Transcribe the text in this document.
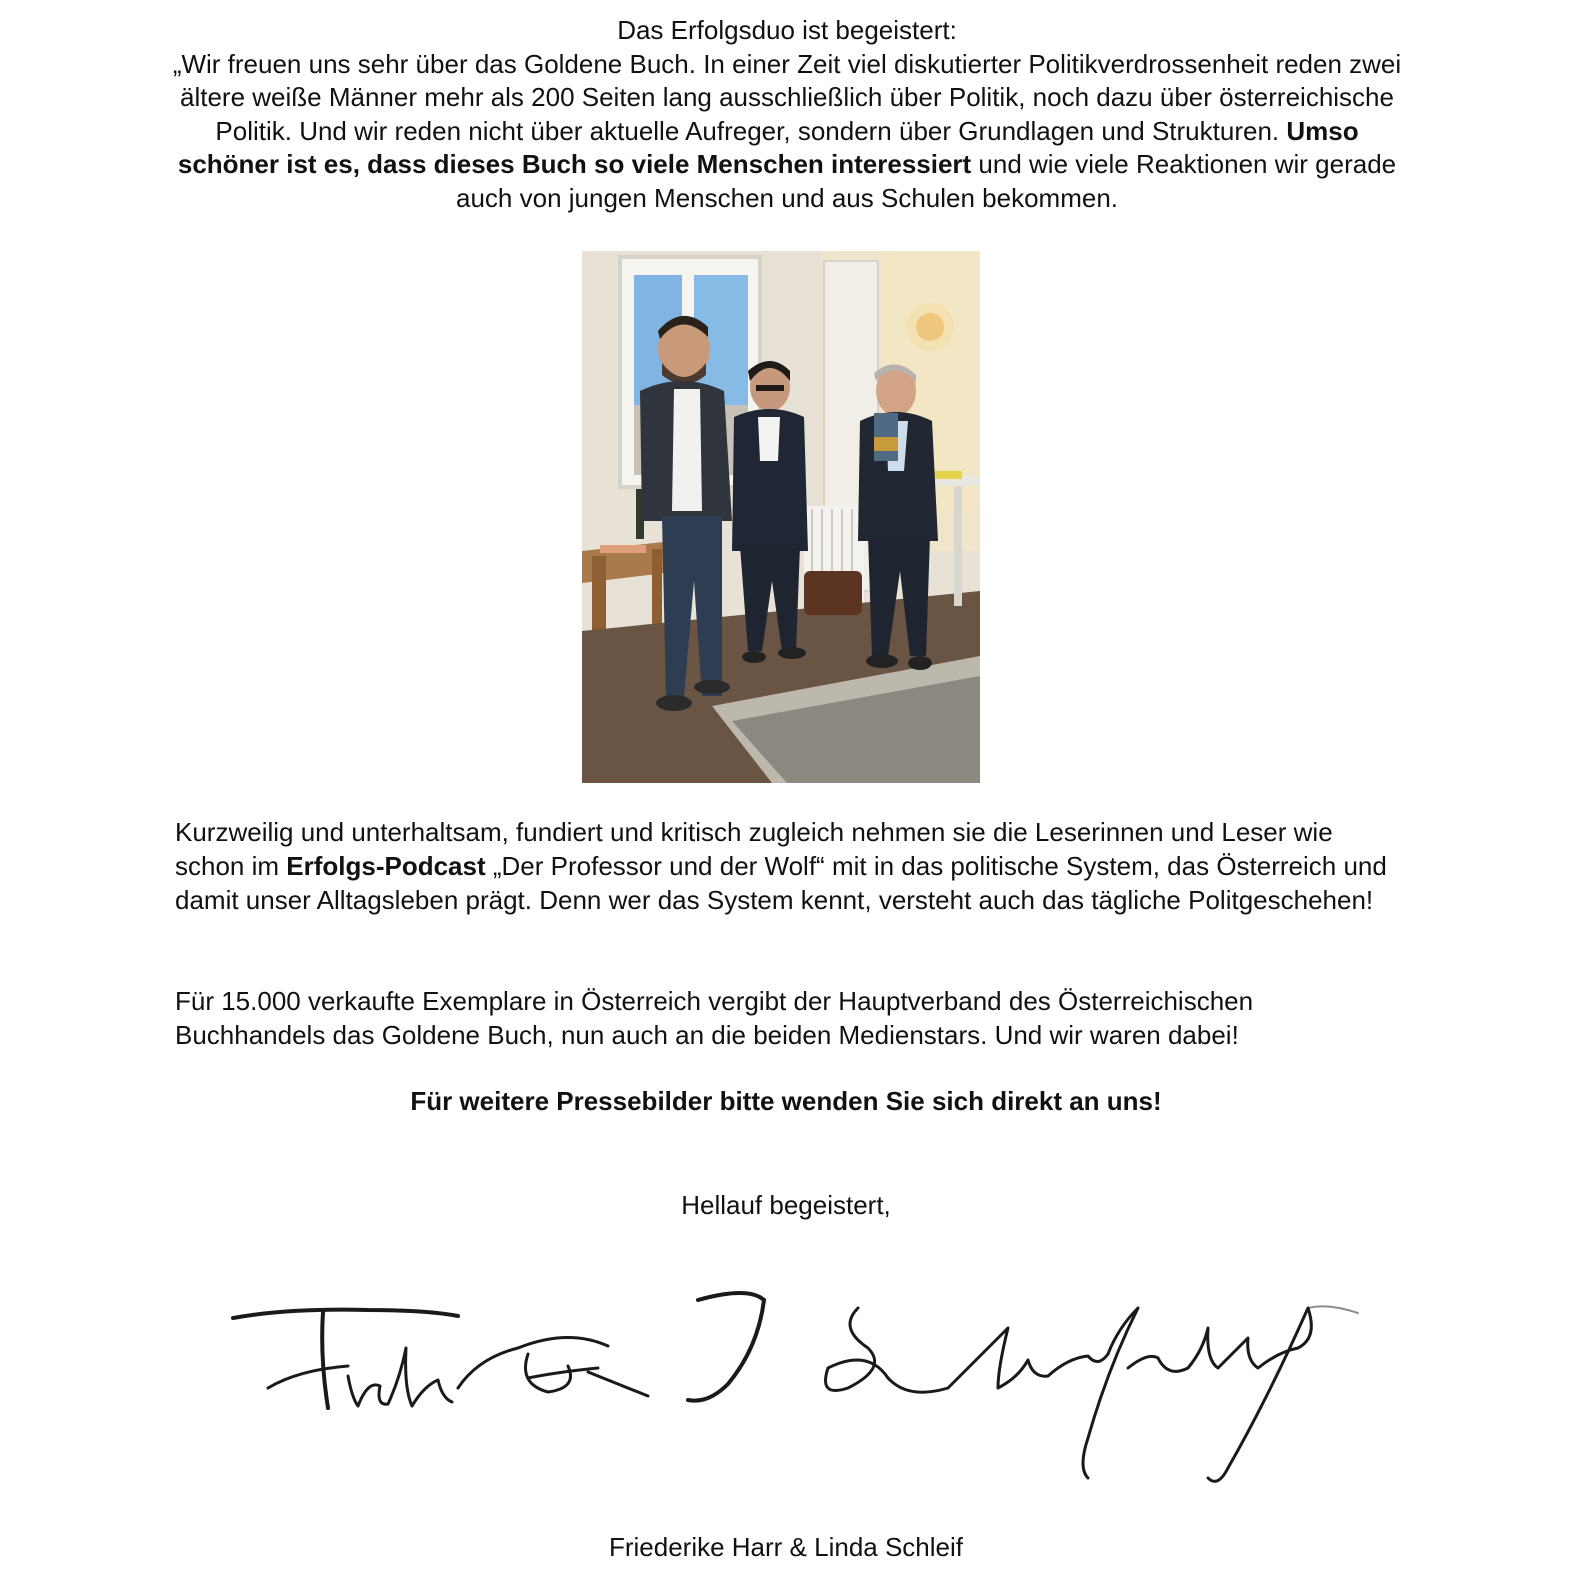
Das Erfolgsduo ist begeistert:

„Wir freuen uns sehr über das Goldene Buch. In einer Zeit viel diskutierter Politikverdrossenheit reden zwei ältere weiße Männer mehr als 200 Seiten lang ausschließlich über Politik, noch dazu über österreichische Politik. Und wir reden nicht über aktuelle Aufreger, sondern über Grundlagen und Strukturen. Umso schöner ist es, dass dieses Buch so viele Menschen interessiert und wie viele Reaktionen wir gerade auch von jungen Menschen und aus Schulen bekommen.

Kurzweilig und unterhaltsam, fundiert und kritisch zugleich nehmen sie die Leserinnen und Leser wie schon im Erfolgs-Podcast „Der Professor und der Wolf“ mit in das politische System, das Österreich und damit unser Alltagsleben prägt. Denn wer das System kennt, versteht auch das tägliche Politgeschehen!

Für 15.000 verkaufte Exemplare in Österreich vergibt der Hauptverband des Österreichischen Buchhandels das Goldene Buch, nun auch an die beiden Medienstars. Und wir waren dabei!

Für weitere Pressebilder bitte wenden Sie sich direkt an uns!
Hellauf begeistert,
Friederike Harr & Linda Schleif
